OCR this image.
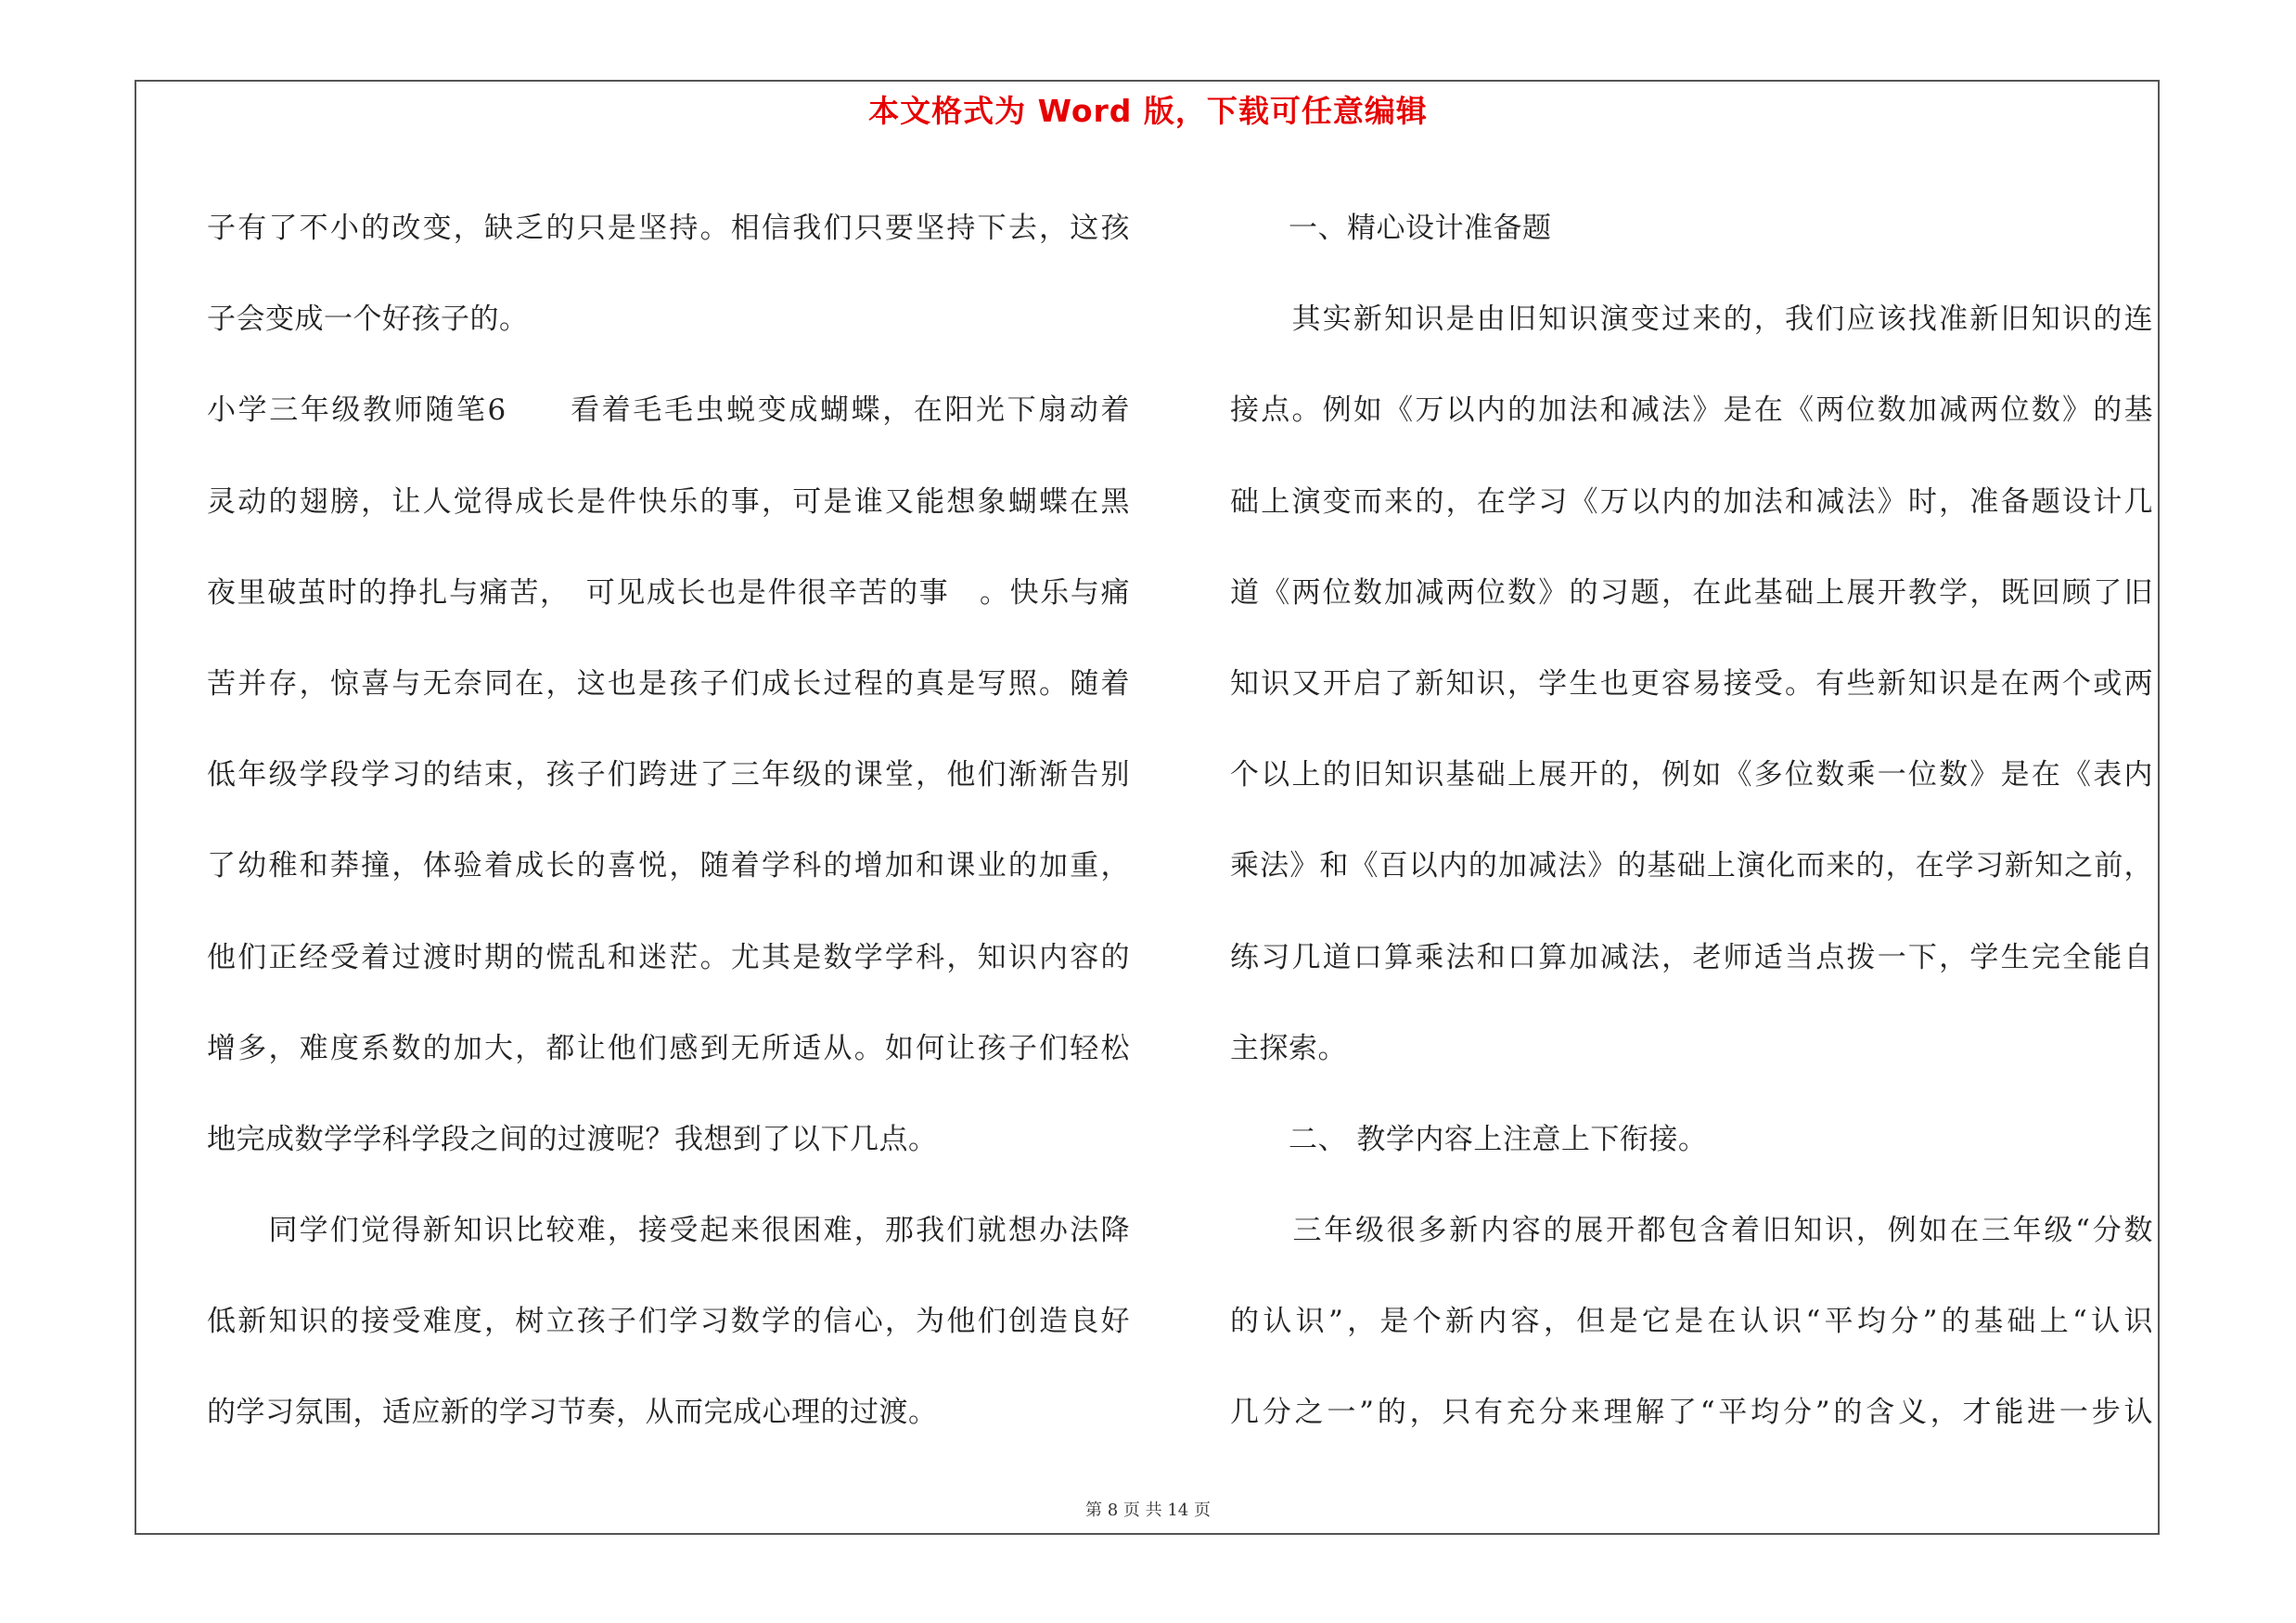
本文格式为 Word 版，下载可任意编辑
子有了不小的改变，缺乏的只是坚持。相信我们只要坚持下去，这孩
子会变成一个好孩子的。
小学三年级教师随笔6　　看着毛毛虫蜕变成蝴蝶，在阳光下扇动着
灵动的翅膀，让人觉得成长是件快乐的事，可是谁又能想象蝴蝶在黑
夜里破茧时的挣扎与痛苦，　可见成长也是件很辛苦的事　。快乐与痛
苦并存，惊喜与无奈同在，这也是孩子们成长过程的真是写照。随着
低年级学段学习的结束，孩子们跨进了三年级的课堂，他们渐渐告别
了幼稚和莽撞，体验着成长的喜悦，随着学科的增加和课业的加重，
他们正经受着过渡时期的慌乱和迷茫。尤其是数学学科，知识内容的
增多，难度系数的加大，都让他们感到无所适从。如何让孩子们轻松
地完成数学学科学段之间的过渡呢？我想到了以下几点。
　　同学们觉得新知识比较难，接受起来很困难，那我们就想办法降
低新知识的接受难度，树立孩子们学习数学的信心，为他们创造良好
的学习氛围，适应新的学习节奏，从而完成心理的过渡。
　　一、精心设计准备题
　　其实新知识是由旧知识演变过来的，我们应该找准新旧知识的连
接点。例如《万以内的加法和减法》是在《两位数加减两位数》的基
础上演变而来的，在学习《万以内的加法和减法》时，准备题设计几
道《两位数加减两位数》的习题，在此基础上展开教学，既回顾了旧
知识又开启了新知识，学生也更容易接受。有些新知识是在两个或两
个以上的旧知识基础上展开的，例如《多位数乘一位数》是在《表内
乘法》和《百以内的加减法》的基础上演化而来的，在学习新知之前，
练习几道口算乘法和口算加减法，老师适当点拨一下，学生完全能自
主探索。
　　二、 教学内容上注意上下衔接。
　　三年级很多新内容的展开都包含着旧知识，例如在三年级“分数
的认识”，是个新内容，但是它是在认识“平均分”的基础上“认识
几分之一”的，只有充分来理解了“平均分”的含义，才能进一步认
第 8 页 共 14 页
